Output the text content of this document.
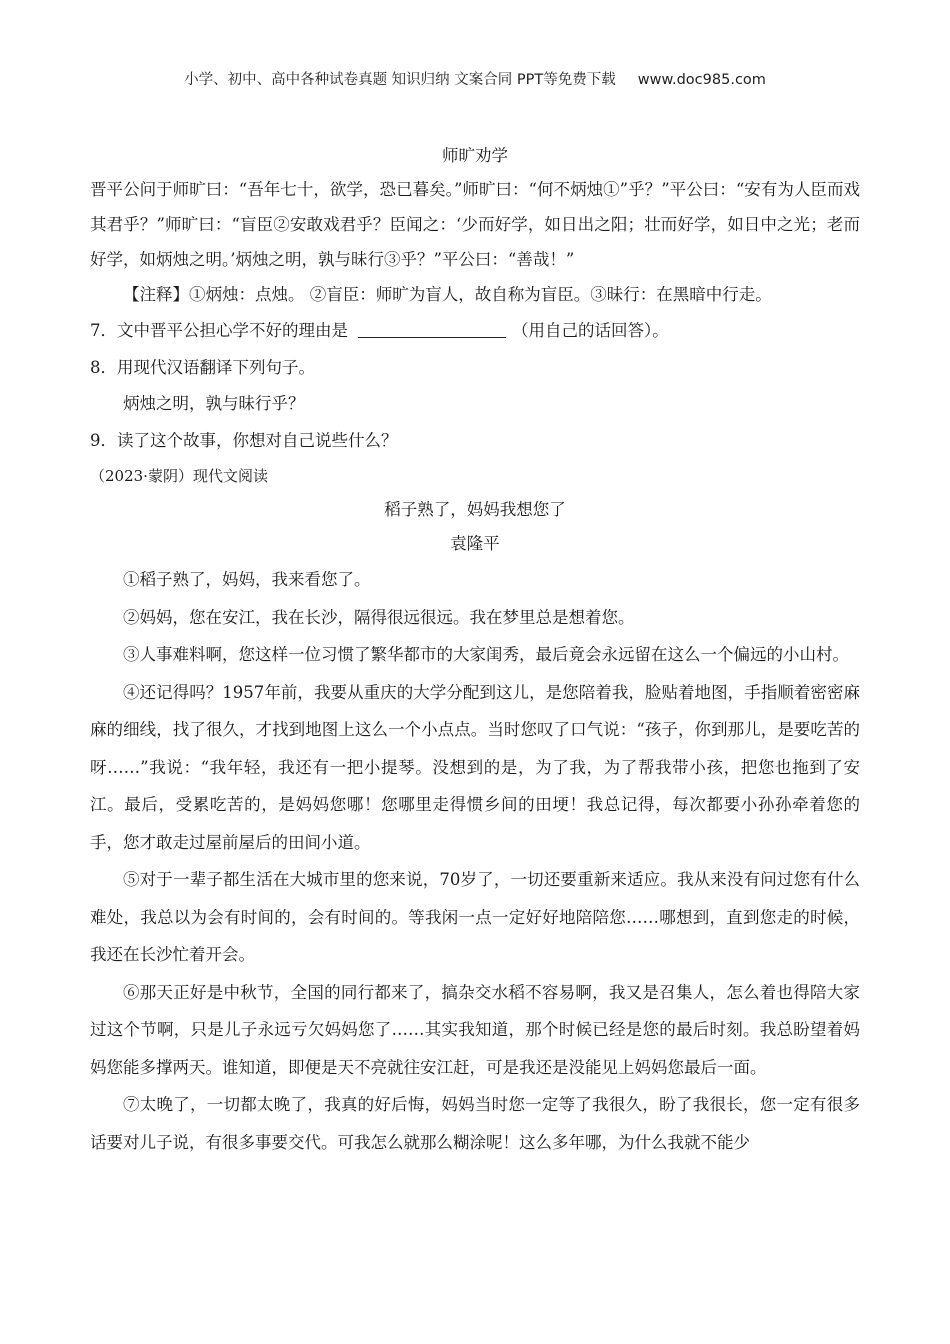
小学、初中、高中各种试卷真题 知识归纳 文案合同 PPT等免费下载 www.doc985.com
师旷劝学

晋平公问于师旷曰：“吾年七十，欲学，恐已暮矣。”师旷曰：“何不炳烛①”乎？”平公曰：“安有为人臣而戏其君乎？”师旷曰：“盲臣②安敢戏君乎？臣闻之：‘少而好学，如日出之阳；壮而好学，如日中之光；老而好学，如炳烛之明。’炳烛之明，孰与昧行③乎？”平公曰：“善哉！”

【注释】①炳烛：点烛。 ②盲臣：师旷为盲人，故自称为盲臣。③昧行：在黑暗中行走。

7．文中晋平公担心学不好的理由是	（用自己的话回答）。

8．用现代汉语翻译下列句子。

炳烛之明，孰与昧行乎？

9．读了这个故事，你想对自己说些什么？

（2023·蒙阴）现代文阅读

稻子熟了，妈妈我想您了

袁隆平

①稻子熟了，妈妈，我来看您了。

②妈妈，您在安江，我在长沙，隔得很远很远。我在梦里总是想着您。

③人事难料啊，您这样一位习惯了繁华都市的大家闺秀，最后竟会永远留在这么一个偏远的小山村。

④还记得吗？1957年前，我要从重庆的大学分配到这儿，是您陪着我，脸贴着地图，手指顺着密密麻麻的细线，找了很久，才找到地图上这么一个小点点。当时您叹了口气说：“孩子，你到那儿，是要吃苦的呀……”我说：“我年轻，我还有一把小提琴。没想到的是，为了我，为了帮我带小孩，把您也拖到了安江。最后，受累吃苦的，是妈妈您哪！您哪里走得惯乡间的田埂！我总记得，每次都要小孙孙牵着您的手，您才敢走过屋前屋后的田间小道。

⑤对于一辈子都生活在大城市里的您来说，70岁了，一切还要重新来适应。我从来没有问过您有什么难处，我总以为会有时间的，会有时间的。等我闲一点一定好好地陪陪您……哪想到，直到您走的时候，我还在长沙忙着开会。

⑥那天正好是中秋节，全国的同行都来了，搞杂交水稻不容易啊，我又是召集人，怎么着也得陪大家过这个节啊，只是儿子永远亏欠妈妈您了……其实我知道，那个时候已经是您的最后时刻。我总盼望着妈妈您能多撑两天。谁知道，即便是天不亮就往安江赶，可是我还是没能见上妈妈您最后一面。

⑦太晚了，一切都太晚了，我真的好后悔，妈妈当时您一定等了我很久，盼了我很长，您一定有很多话要对儿子说，有很多事要交代。可我怎么就那么糊涂呢！这么多年哪，为什么我就不能少
